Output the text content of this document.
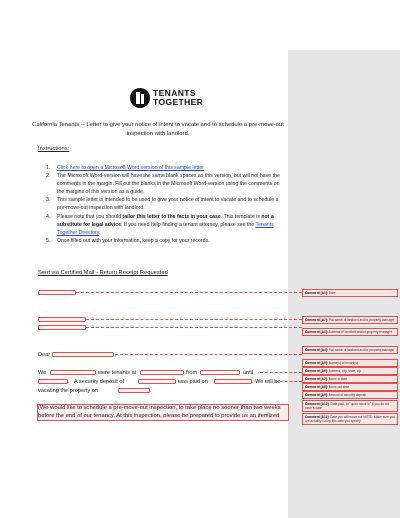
TENANTS
TOGETHER
California Tenants -- Letter to give your notice of intent to vacate and to schedule a pre-move-out inspection with landlord.
Instructions:
1. Click here to open a Microsoft Word version of this sample letter
2. The Microsoft Word-version will have the same blank spaces as this version, but will not have the comments in the margin. Fill out the blanks in the Microsoft Word-version using the comments on the margins of this version as a guide.
3. This sample letter is intended to be used to give your notice of intent to vacate and to schedule a pre-move-out inspection with landlord.
4. Please note that you should tailor this letter to the facts in your case. This template is not a substitute for legal advice. If you need help finding a tenant attorney, please see the Tenants Together Directory.
5. Once filled out with your information, keep a copy for your records.
Sent via Certified Mail - Return Receipt Requested
Dear	,
We	were tenants at	from	until
. A security deposit of	was paid on	. We will be
vacating the property on	.
(We would like to schedule a pre-move-out inspection, to take place no sooner than two weeks before the end of our tenancy. At this inspection, please be prepared to provide us an itemized
Comment [A1]: Date
Comment [A2]: Full name of landlord and/or property manager
Comment [A3]: Address of landlord and/or property manager
Comment [A4]: Full name of landlord and/or property manager
Comment [A5]: Name(s) of tenant(s)
Comment [A6]: Address, city, state, zip
Comment [A7]: Move-in date
Comment [A8]: Move-out date
Comment [A9]: Amount of security deposit
Comment [A10]: Date paid, or "upon move in" if you do not have a date
Comment [A11]: Date you will move out NOTE: Make sure you are actually out by this date you specify
